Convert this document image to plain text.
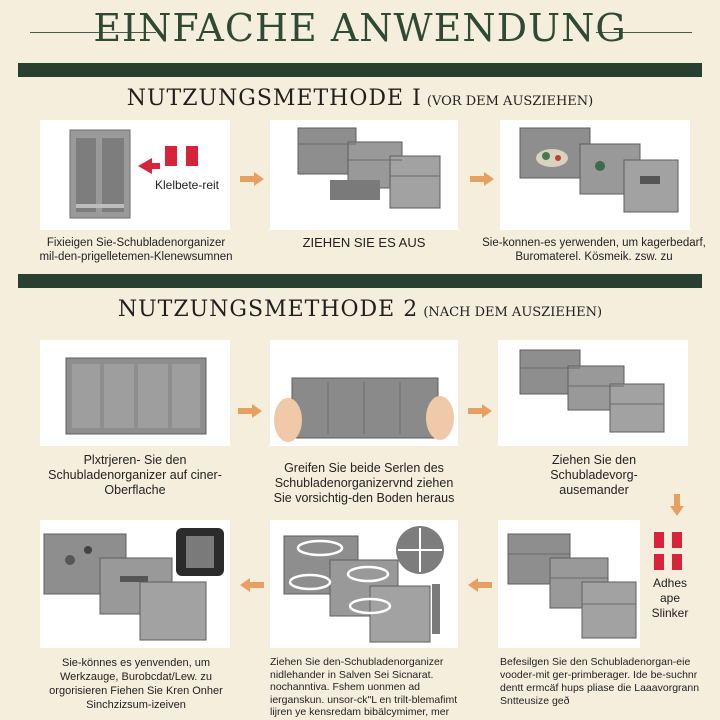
EINFACHE ANWENDUNG
NUTZUNGSMETHODE I (VOR DEM AUSZIEHEN)
Klelbete-reit
Fixieigen Sie-Schubladenorganizer mil-den-prigelletemen-Klenewsumnen
ZIEHEN SIE ES AUS	Sie-konnen-es yerwenden, um kagerbedarf, Buromaterel. Kösmeik. zsw. zu
NUTZUNGSMETHODE 2 (NACH DEM AUSZIEHEN)
Plxtrjeren- Sie den Schubladenorganizer auf ciner-Oberflache
Greifen Sie beide Serlen des Schubladenorganizervnd ziehen Sie vorsichtig-den Boden heraus
Ziehen Sie den Schubladevorg-ausemander
Adhes ape Slinker
Sie-könnes es yenvenden, um Werkzauge, Burobcdat/Lew. zu orgorisieren Fiehen Sie Kren Onher Sinchzizsum-izeiven
Ziehen Sie den-Schubladenorganizer nidlehander in Salven Sei Sicnarat. nochanntiva. Fshem uonmen ad ierganskun. unsor-ck"L en trilt-blemafimt lijren ye kensredam bibälcymimer, mer
Befesilgen Sie den Schubladenorgan-eie vooder-mit ger-primberager. Ide be-suchnr dentt ermcäf hups pliase die Laaavorgrann Sntteusize geð
